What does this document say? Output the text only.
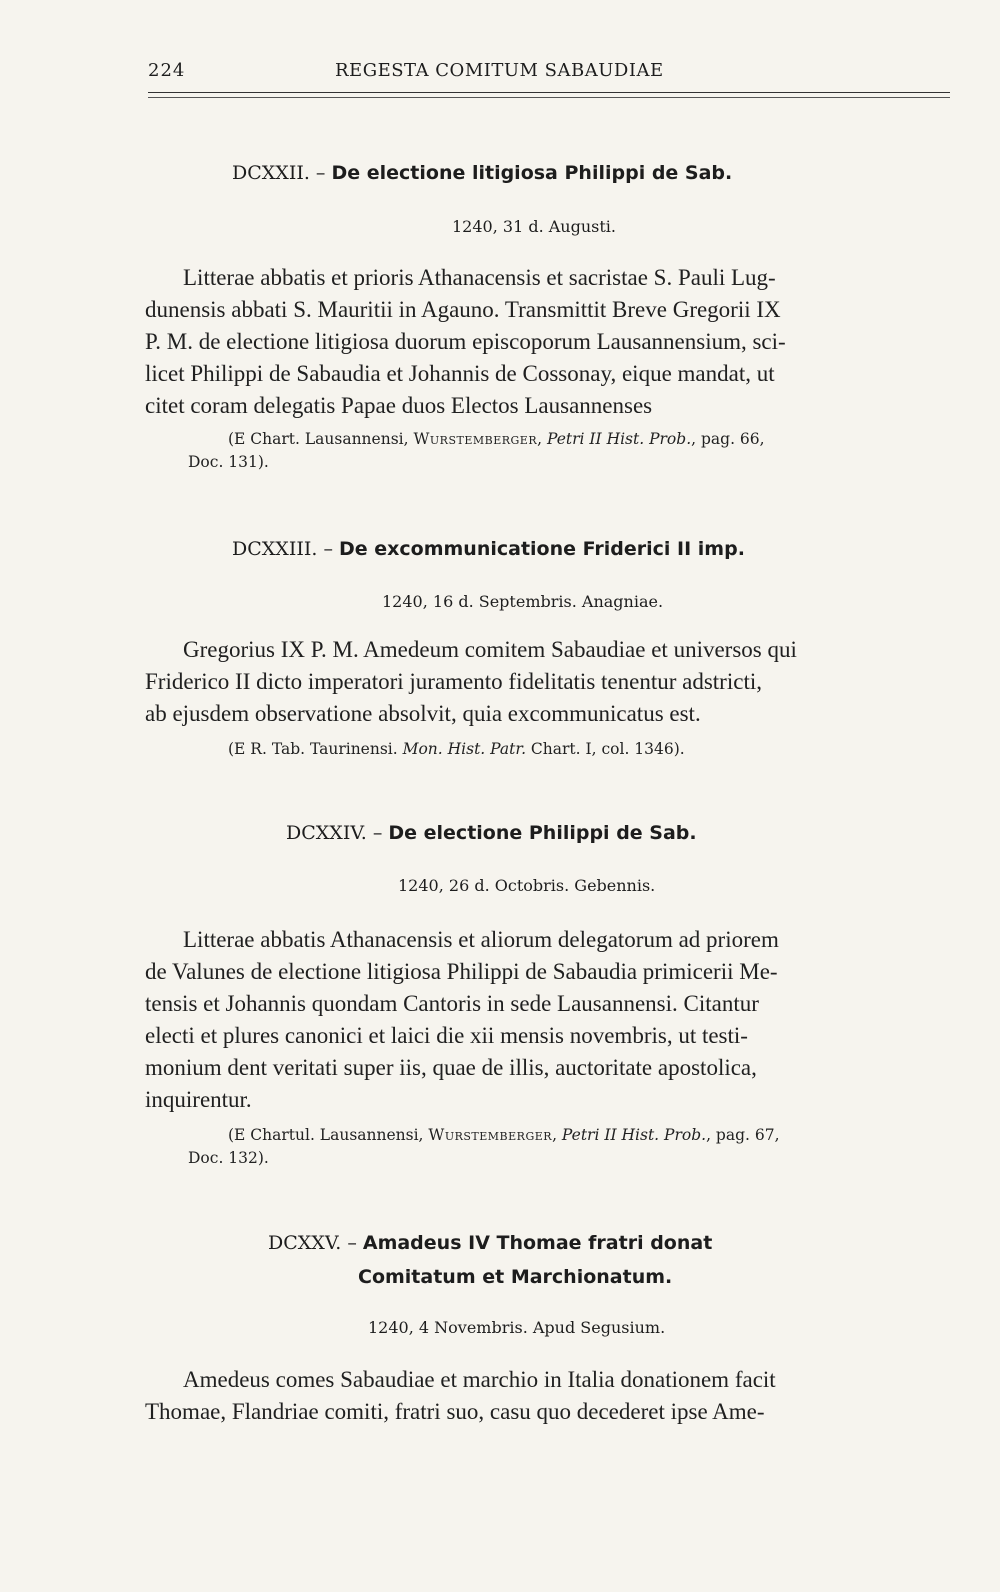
224	REGESTA COMITUM SABAUDIAE
DCXXII. – De electione litigiosa Philippi de Sab.
1240, 31 d. Augusti.
Litterae abbatis et prioris Athanacensis et sacristae S. Pauli Lug-
dunensis abbati S. Mauritii in Agauno. Transmittit Breve Gregorii IX
P. M. de electione litigiosa duorum episcoporum Lausannensium, sci-
licet Philippi de Sabaudia et Johannis de Cossonay, eique mandat, ut
citet coram delegatis Papae duos Electos Lausannenses
(E Chart. Lausannensi, Wurstemberger, Petri II Hist. Prob., pag. 66,
Doc. 131).
DCXXIII. – De excommunicatione Friderici II imp.
1240, 16 d. Septembris. Anagniae.
Gregorius IX P. M. Amedeum comitem Sabaudiae et universos qui
Friderico II dicto imperatori juramento fidelitatis tenentur adstricti,
ab ejusdem observatione absolvit, quia excommunicatus est.
(E R. Tab. Taurinensi. Mon. Hist. Patr. Chart. I, col. 1346).
DCXXIV. – De electione Philippi de Sab.
1240, 26 d. Octobris. Gebennis.
Litterae abbatis Athanacensis et aliorum delegatorum ad priorem
de Valunes de electione litigiosa Philippi de Sabaudia primicerii Me-
tensis et Johannis quondam Cantoris in sede Lausannensi. Citantur
electi et plures canonici et laici die xii mensis novembris, ut testi-
monium dent veritati super iis, quae de illis, auctoritate apostolica,
inquirentur.
(E Chartul. Lausannensi, Wurstemberger, Petri II Hist. Prob., pag. 67,
Doc. 132).
DCXXV. – Amadeus IV Thomae fratri donat
Comitatum et Marchionatum.
1240, 4 Novembris. Apud Segusium.
Amedeus comes Sabaudiae et marchio in Italia donationem facit
Thomae, Flandriae comiti, fratri suo, casu quo decederet ipse Ame-
